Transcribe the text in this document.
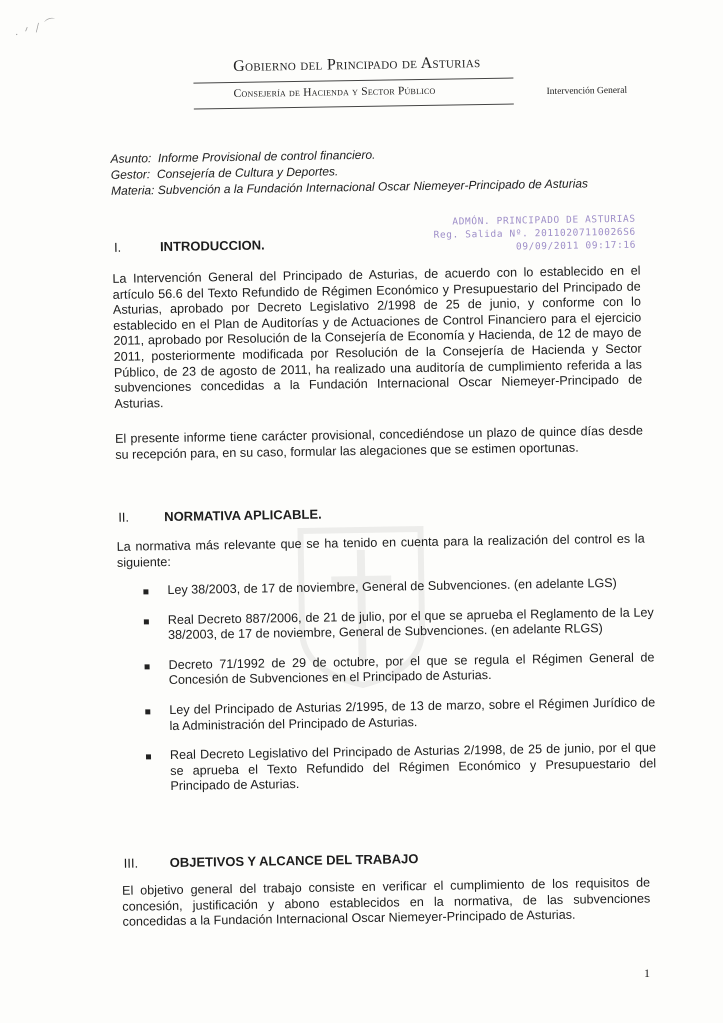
ᐧ ᐟ ⁄ ⌒
Gobierno del Principado de Asturias
Consejería de Hacienda y Sector Público	Intervención General
Asunto: Informe Provisional de control financiero.
Gestor: Consejería de Cultura y Deportes.
Materia: Subvención a la Fundación Internacional Oscar Niemeyer-Principado de Asturias
ADMÓN. PRINCIPADO DE ASTURIAS
Reg. Salida Nº. 20110207110026S6
09/09/2011 09:17:16
I.	INTRODUCCION.
La Intervención General del Principado de Asturias, de acuerdo con lo establecido en el artículo 56.6 del Texto Refundido de Régimen Económico y Presupuestario del Principado de Asturias, aprobado por Decreto Legislativo 2/1998 de 25 de junio, y conforme con lo establecido en el Plan de Auditorías y de Actuaciones de Control Financiero para el ejercicio 2011, aprobado por Resolución de la Consejería de Economía y Hacienda, de 12 de mayo de 2011, posteriormente modificada por Resolución de la Consejería de Hacienda y Sector Público, de 23 de agosto de 2011, ha realizado una auditoría de cumplimiento referida a las subvenciones concedidas a la Fundación Internacional Oscar Niemeyer-Principado de Asturias.
El presente informe tiene carácter provisional, concediéndose un plazo de quince días desde su recepción para, en su caso, formular las alegaciones que se estimen oportunas.
II.	NORMATIVA APLICABLE.
La normativa más relevante que se ha tenido en cuenta para la realización del control es la siguiente:
Ley 38/2003, de 17 de noviembre, General de Subvenciones. (en adelante LGS)
Real Decreto 887/2006, de 21 de julio, por el que se aprueba el Reglamento de la Ley 38/2003, de 17 de noviembre, General de Subvenciones. (en adelante RLGS)
Decreto 71/1992 de 29 de octubre, por el que se regula el Régimen General de Concesión de Subvenciones en el Principado de Asturias.
Ley del Principado de Asturias 2/1995, de 13 de marzo, sobre el Régimen Jurídico de la Administración del Principado de Asturias.
Real Decreto Legislativo del Principado de Asturias 2/1998, de 25 de junio, por el que se aprueba el Texto Refundido del Régimen Económico y Presupuestario del Principado de Asturias.
III. OBJETIVOS Y ALCANCE DEL TRABAJO
El objetivo general del trabajo consiste en verificar el cumplimiento de los requisitos de concesión, justificación y abono establecidos en la normativa, de las subvenciones concedidas a la Fundación Internacional Oscar Niemeyer-Principado de Asturias.
1
